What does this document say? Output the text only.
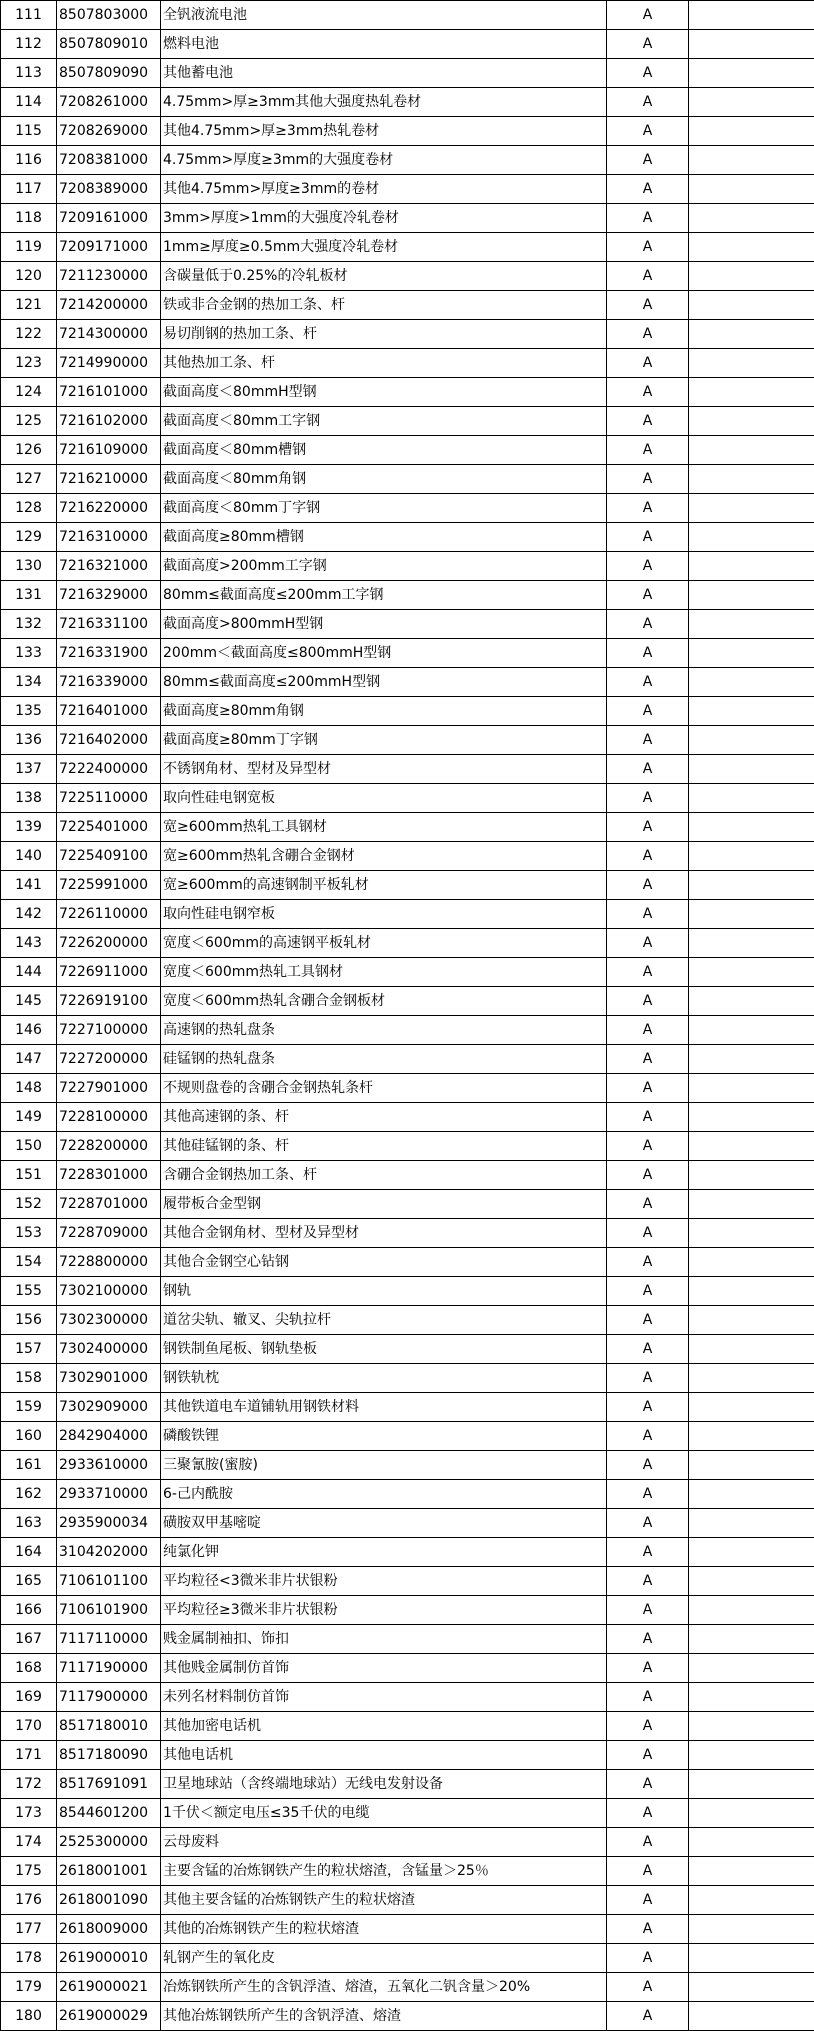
111	8507803000	全钒液流电池	A	
112	8507809010	燃料电池	A	
113	8507809090	其他蓄电池	A	
114	7208261000	4.75mm>厚≥3mm其他大强度热轧卷材	A	
115	7208269000	其他4.75mm>厚≥3mm热轧卷材	A	
116	7208381000	4.75mm>厚度≥3mm的大强度卷材	A	
117	7208389000	其他4.75mm>厚度≥3mm的卷材	A	
118	7209161000	3mm>厚度>1mm的大强度冷轧卷材	A	
119	7209171000	1mm≥厚度≥0.5mm大强度冷轧卷材	A	
120	7211230000	含碳量低于0.25%的冷轧板材	A	
121	7214200000	铁或非合金钢的热加工条、杆	A	
122	7214300000	易切削钢的热加工条、杆	A	
123	7214990000	其他热加工条、杆	A	
124	7216101000	截面高度＜80mmH型钢	A	
125	7216102000	截面高度＜80mm工字钢	A	
126	7216109000	截面高度＜80mm槽钢	A	
127	7216210000	截面高度＜80mm角钢	A	
128	7216220000	截面高度＜80mm丁字钢	A	
129	7216310000	截面高度≥80mm槽钢	A	
130	7216321000	截面高度>200mm工字钢	A	
131	7216329000	80mm≤截面高度≤200mm工字钢	A	
132	7216331100	截面高度>800mmH型钢	A	
133	7216331900	200mm＜截面高度≤800mmH型钢	A	
134	7216339000	80mm≤截面高度≤200mmH型钢	A	
135	7216401000	截面高度≥80mm角钢	A	
136	7216402000	截面高度≥80mm丁字钢	A	
137	7222400000	不锈钢角材、型材及异型材	A	
138	7225110000	取向性硅电钢宽板	A	
139	7225401000	宽≥600mm热轧工具钢材	A	
140	7225409100	宽≥600mm热轧含硼合金钢材	A	
141	7225991000	宽≥600mm的高速钢制平板轧材	A	
142	7226110000	取向性硅电钢窄板	A	
143	7226200000	宽度＜600mm的高速钢平板轧材	A	
144	7226911000	宽度＜600mm热轧工具钢材	A	
145	7226919100	宽度＜600mm热轧含硼合金钢板材	A	
146	7227100000	高速钢的热轧盘条	A	
147	7227200000	硅锰钢的热轧盘条	A	
148	7227901000	不规则盘卷的含硼合金钢热轧条杆	A	
149	7228100000	其他高速钢的条、杆	A	
150	7228200000	其他硅锰钢的条、杆	A	
151	7228301000	含硼合金钢热加工条、杆	A	
152	7228701000	履带板合金型钢	A	
153	7228709000	其他合金钢角材、型材及异型材	A	
154	7228800000	其他合金钢空心钻钢	A	
155	7302100000	钢轨	A	
156	7302300000	道岔尖轨、辙叉、尖轨拉杆	A	
157	7302400000	钢铁制鱼尾板、钢轨垫板	A	
158	7302901000	钢铁轨枕	A	
159	7302909000	其他铁道电车道铺轨用钢铁材料	A	
160	2842904000	磷酸铁锂	A	
161	2933610000	三聚氰胺(蜜胺)	A	
162	2933710000	6-己内酰胺	A	
163	2935900034	磺胺双甲基嘧啶	A	
164	3104202000	纯氯化钾	A	
165	7106101100	平均粒径<3微米非片状银粉	A	
166	7106101900	平均粒径≥3微米非片状银粉	A	
167	7117110000	贱金属制袖扣、饰扣	A	
168	7117190000	其他贱金属制仿首饰	A	
169	7117900000	未列名材料制仿首饰	A	
170	8517180010	其他加密电话机	A	
171	8517180090	其他电话机	A	
172	8517691091	卫星地球站（含终端地球站）无线电发射设备	A	
173	8544601200	1千伏＜额定电压≤35千伏的电缆	A	
174	2525300000	云母废料	A	
175	2618001001	主要含锰的冶炼钢铁产生的粒状熔渣，含锰量＞25％	A	
176	2618001090	其他主要含锰的冶炼钢铁产生的粒状熔渣	A	
177	2618009000	其他的冶炼钢铁产生的粒状熔渣	A	
178	2619000010	轧钢产生的氧化皮	A	
179	2619000021	冶炼钢铁所产生的含钒浮渣、熔渣，五氧化二钒含量＞20%	A	
180	2619000029	其他冶炼钢铁所产生的含钒浮渣、熔渣	A	
